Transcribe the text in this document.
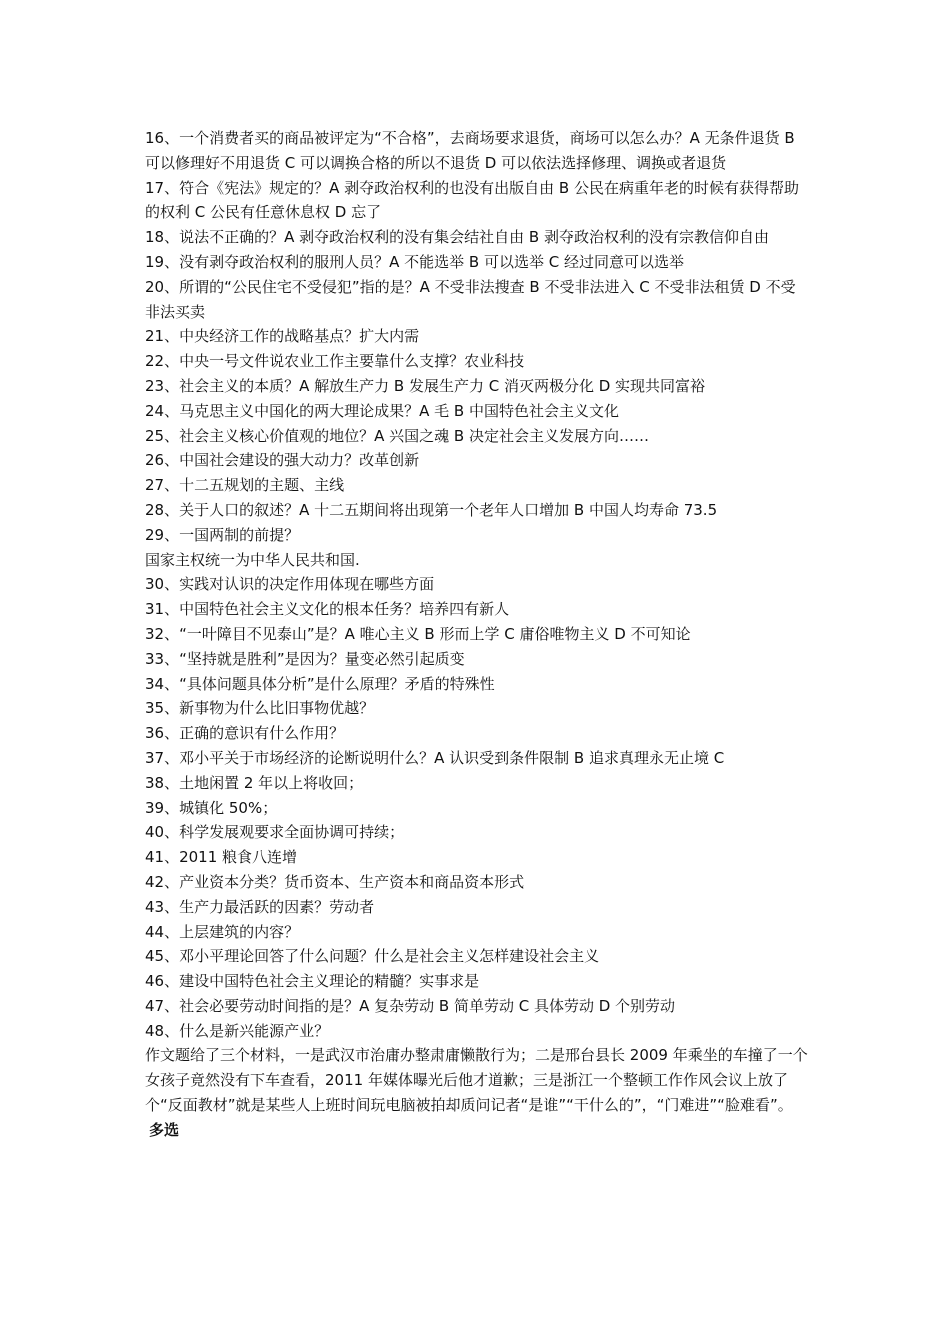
16、一个消费者买的商品被评定为“不合格”，去商场要求退货，商场可以怎么办？A 无条件退货 B 可以修理好不用退货 C 可以调换合格的所以不退货 D 可以依法选择修理、调换或者退货

17、符合《宪法》规定的？A 剥夺政治权利的也没有出版自由 B 公民在病重年老的时候有获得帮助的权利 C 公民有任意休息权 D 忘了

18、说法不正确的？A 剥夺政治权利的没有集会结社自由 B 剥夺政治权利的没有宗教信仰自由

19、没有剥夺政治权利的服刑人员？A 不能选举 B 可以选举 C 经过同意可以选举

20、所谓的“公民住宅不受侵犯”指的是？A 不受非法搜查 B 不受非法进入 C 不受非法租赁 D 不受非法买卖

21、中央经济工作的战略基点？扩大内需

22、中央一号文件说农业工作主要靠什么支撑？农业科技

23、社会主义的本质？A 解放生产力 B 发展生产力 C 消灭两极分化 D 实现共同富裕

24、马克思主义中国化的两大理论成果？A 毛 B 中国特色社会主义文化

25、社会主义核心价值观的地位？A 兴国之魂 B 决定社会主义发展方向……

26、中国社会建设的强大动力？改革创新

27、十二五规划的主题、主线

28、关于人口的叙述？A 十二五期间将出现第一个老年人口增加 B 中国人均寿命 73.5

29、一国两制的前提？

国家主权统一为中华人民共和国.

30、实践对认识的决定作用体现在哪些方面

31、中国特色社会主义文化的根本任务？培养四有新人

32、“一叶障目不见泰山”是？A 唯心主义 B 形而上学 C 庸俗唯物主义 D 不可知论

33、“坚持就是胜利”是因为？量变必然引起质变

34、“具体问题具体分析”是什么原理？矛盾的特殊性

35、新事物为什么比旧事物优越？

36、正确的意识有什么作用？

37、邓小平关于市场经济的论断说明什么？A 认识受到条件限制 B 追求真理永无止境 C

38、土地闲置 2 年以上将收回；

39、城镇化 50%；

40、科学发展观要求全面协调可持续；

41、2011 粮食八连增

42、产业资本分类？货币资本、生产资本和商品资本形式

43、生产力最活跃的因素？劳动者

44、上层建筑的内容？

45、邓小平理论回答了什么问题？什么是社会主义怎样建设社会主义

46、建设中国特色社会主义理论的精髓？实事求是

47、社会必要劳动时间指的是？A 复杂劳动 B 简单劳动 C 具体劳动 D 个别劳动

48、什么是新兴能源产业？

作文题给了三个材料，一是武汉市治庸办整肃庸懒散行为；二是邢台县长 2009 年乘坐的车撞了一个女孩子竟然没有下车查看，2011 年媒体曝光后他才道歉；三是浙江一个整顿工作作风会议上放了个“反面教材”就是某些人上班时间玩电脑被拍却质问记者“是谁”“干什么的”，“门难进”“脸难看”。

多选
